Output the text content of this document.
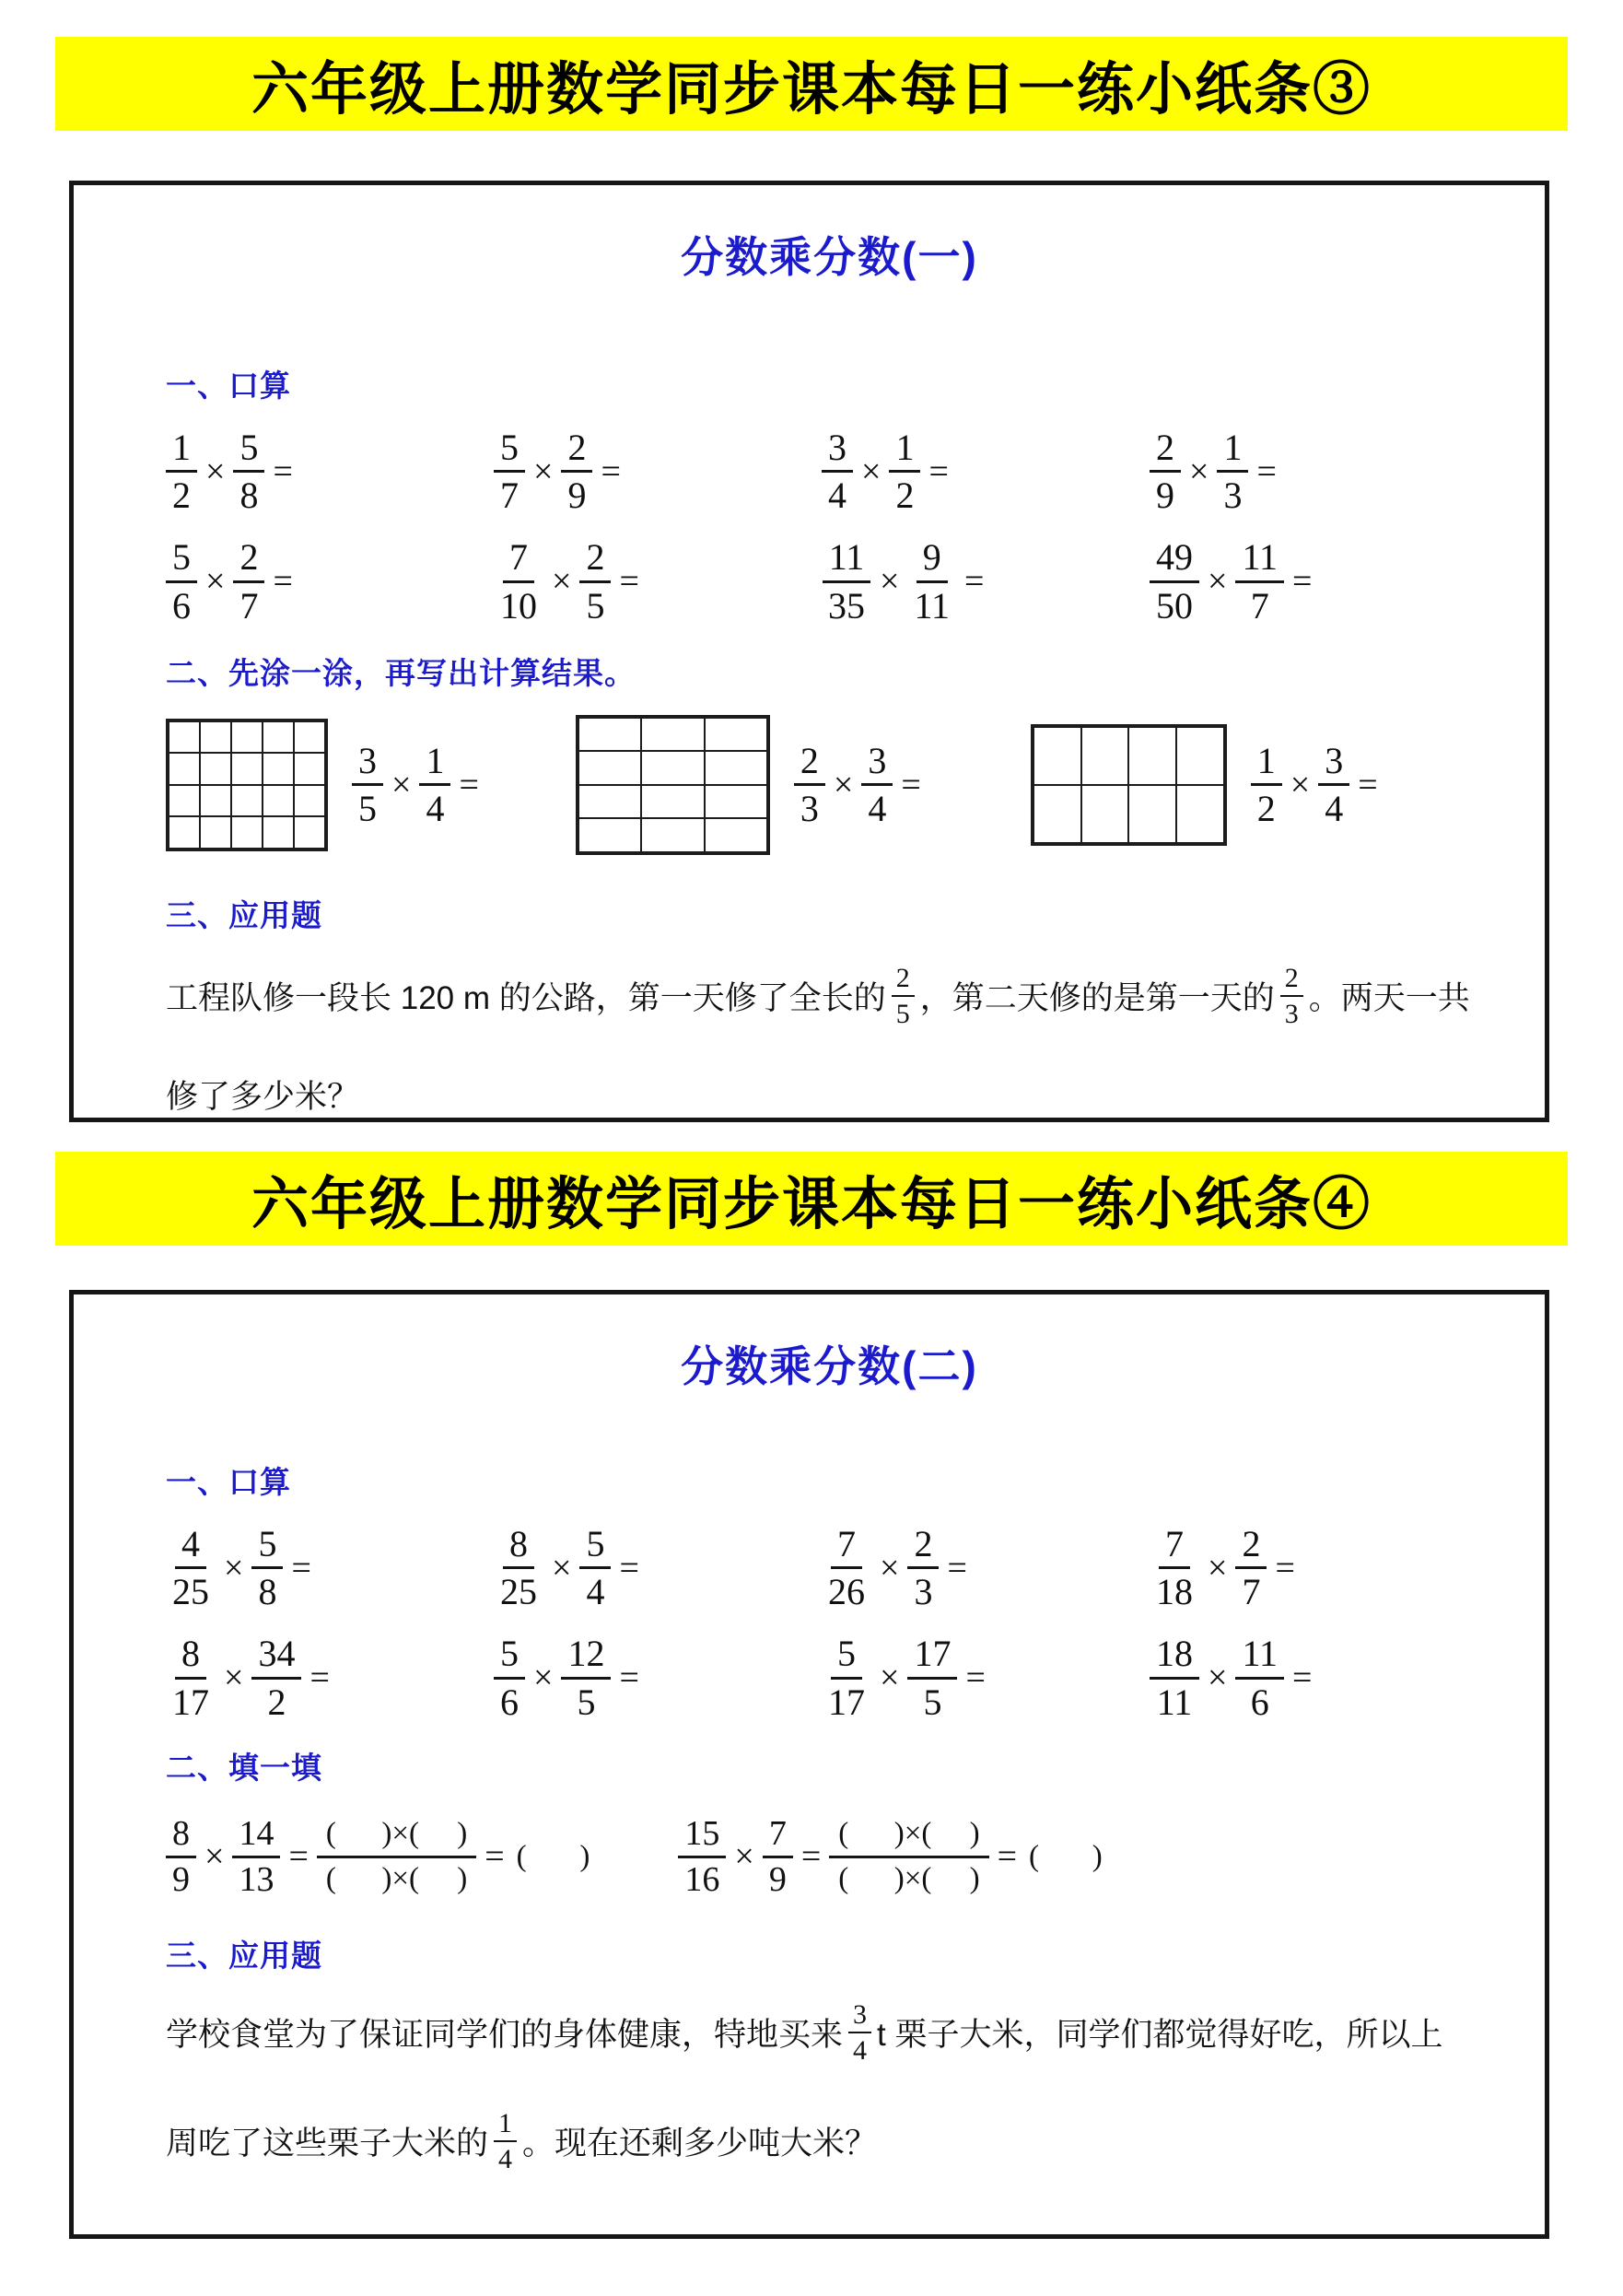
六年级上册数学同步课本每日一练小纸条③
分数乘分数(一)
一、口算
$\frac{1}{2} \times \frac{5}{8}$ =	$\frac{5}{7} \times \frac{2}{9}$ =	$\frac{3}{4} \times \frac{1}{2}$ =	$\frac{2}{9} \times \frac{1}{3}$ =
$\frac{5}{6} \times \frac{2}{7}$ =	$\frac{7}{10} \times \frac{2}{5}$ =	$\frac{11}{35} \times \frac{9}{11}$ =	$\frac{49}{50} \times \frac{11}{7}$ =
二、先涂一涂，再写出计算结果。
$\frac{3}{5} \times \frac{1}{4}$ =	$\frac{2}{3} \times \frac{3}{4}$ =	$\frac{1}{2} \times \frac{3}{4}$ =
三、应用题
工程队修一段长 120 m 的公路，第一天修了全长的 $\frac{2}{5}$ ，第二天修的是第一天的 $\frac{2}{3}$ 。两天一共
修了多少米？
六年级上册数学同步课本每日一练小纸条④
分数乘分数(二)
一、口算
$\frac{4}{25} \times \frac{5}{8}$ =	$\frac{8}{25} \times \frac{5}{4}$ =	$\frac{7}{26} \times \frac{2}{3}$ =	$\frac{7}{18} \times \frac{2}{7}$ =
$\frac{8}{17} \times \frac{34}{2}$ =	$\frac{5}{6} \times \frac{12}{5}$ =	$\frac{5}{17} \times \frac{17}{5}$ =	$\frac{18}{11} \times \frac{11}{6}$ =
二、填一填
$\frac{8}{9} \times \frac{14}{13}$ =
(      )×(     )
(      )×(     )
= (       )	$\frac{15}{16} \times \frac{7}{9}$ =
(      )×(     )
(      )×(     )
= (       )
三、应用题
学校食堂为了保证同学们的身体健康，特地买来 $\frac{3}{4}$ t 栗子大米，同学们都觉得好吃，所以上
周吃了这些栗子大米的 $\frac{1}{4}$ 。现在还剩多少吨大米？
